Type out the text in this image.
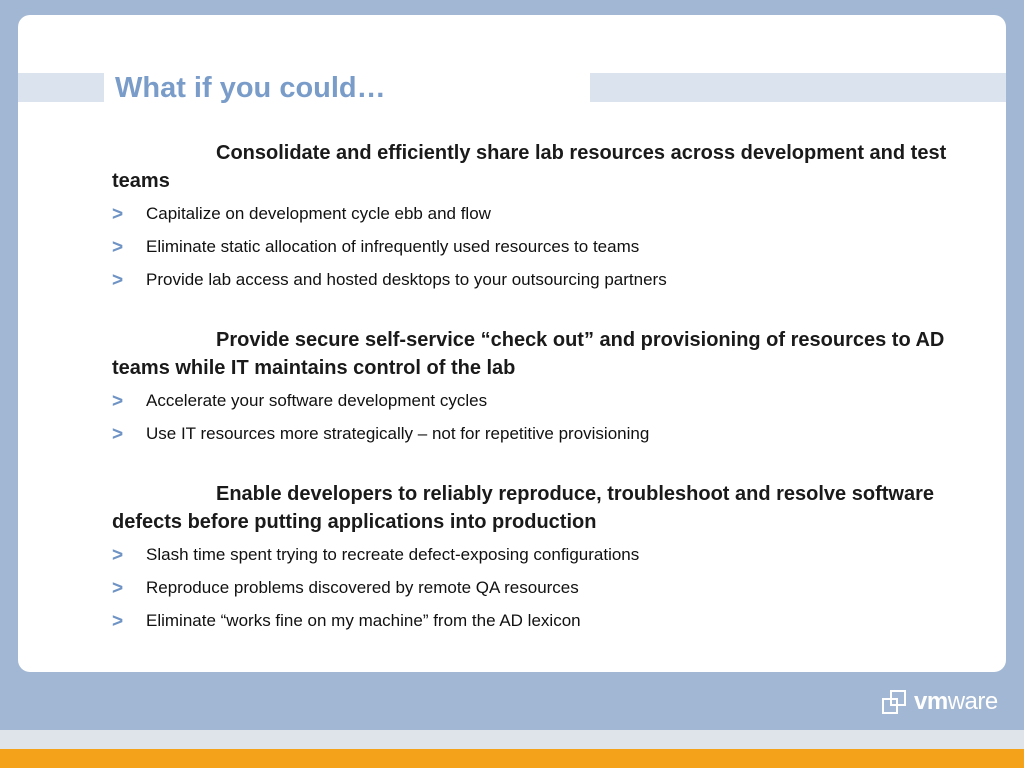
What if you could…
Consolidate and efficiently share lab resources across development and test teams
> Capitalize on development cycle ebb and flow
> Eliminate static allocation of infrequently used resources to teams
> Provide lab access and hosted desktops to your outsourcing partners
Provide secure self-service “check out” and provisioning of resources to AD teams while IT maintains control of the lab
> Accelerate your software development cycles
> Use IT resources more strategically – not for repetitive provisioning
Enable developers to reliably reproduce, troubleshoot and resolve software defects before putting applications into production
> Slash time spent trying to recreate defect-exposing configurations
> Reproduce problems discovered by remote QA resources
> Eliminate “works fine on my machine” from the AD lexicon
vmware
